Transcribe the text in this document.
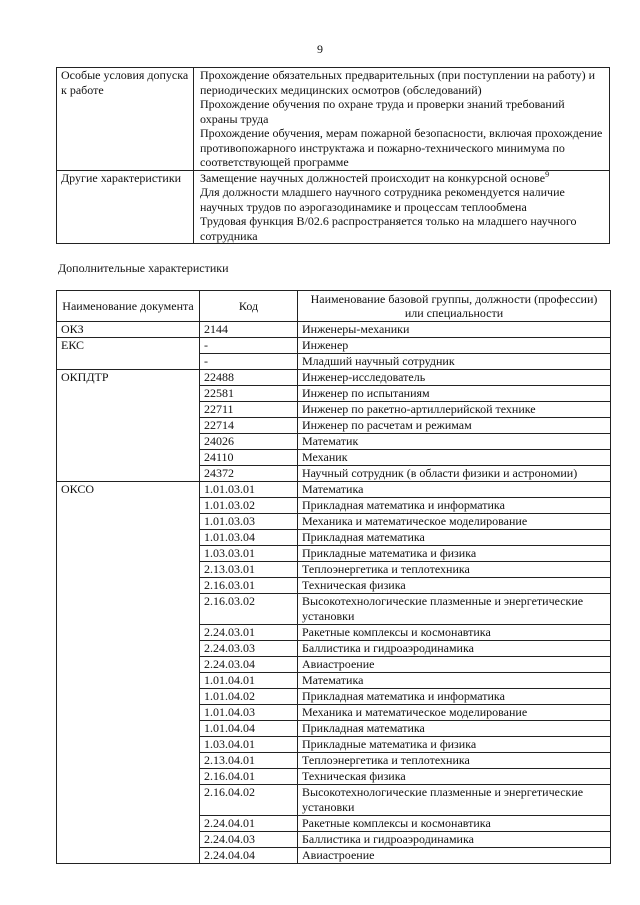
9
Особые условия допуска к работе	Прохождение обязательных предварительных (при поступлении на работу) и периодических медицинских осмотров (обследований)
Прохождение обучения по охране труда и проверки знаний требований охраны труда
Прохождение обучения, мерам пожарной безопасности, включая прохождение противопожарного инструктажа и пожарно-технического минимума по соответствующей программе

Другие характеристики	Замещение научных должностей происходит на конкурсной основе$^9$
Для должности младшего научного сотрудника рекомендуется наличие научных трудов по аэрогазодинамике и процессам теплообмена
Трудовая функция В/02.6 распространяется только на младшего научного сотрудника
Дополнительные характеристики
Наименование документа	Код	Наименование базовой группы, должности (профессии) или специальности
ОКЗ	2144	Инженеры-механики
ЕКС	-	Инженер
	-	Младший научный сотрудник
ОКПДТР	22488	Инженер-исследователь
	22581	Инженер по испытаниям
	22711	Инженер по ракетно-артиллерийской технике
	22714	Инженер по расчетам и режимам
	24026	Математик
	24110	Механик
	24372	Научный сотрудник (в области физики и астрономии)
ОКСО	1.01.03.01	Математика
	1.01.03.02	Прикладная математика и информатика
	1.01.03.03	Механика и математическое моделирование
	1.01.03.04	Прикладная математика
	1.03.03.01	Прикладные математика и физика
	2.13.03.01	Теплоэнергетика и теплотехника
	2.16.03.01	Техническая физика
	2.16.03.02	Высокотехнологические плазменные и энергетические установки
	2.24.03.01	Ракетные комплексы и космонавтика
	2.24.03.03	Баллистика и гидроаэродинамика
	2.24.03.04	Авиастроение
	1.01.04.01	Математика
	1.01.04.02	Прикладная математика и информатика
	1.01.04.03	Механика и математическое моделирование
	1.01.04.04	Прикладная математика
	1.03.04.01	Прикладные математика и физика
	2.13.04.01	Теплоэнергетика и теплотехника
	2.16.04.01	Техническая физика
	2.16.04.02	Высокотехнологические плазменные и энергетические установки
	2.24.04.01	Ракетные комплексы и космонавтика
	2.24.04.03	Баллистика и гидроаэродинамика
	2.24.04.04	Авиастроение
